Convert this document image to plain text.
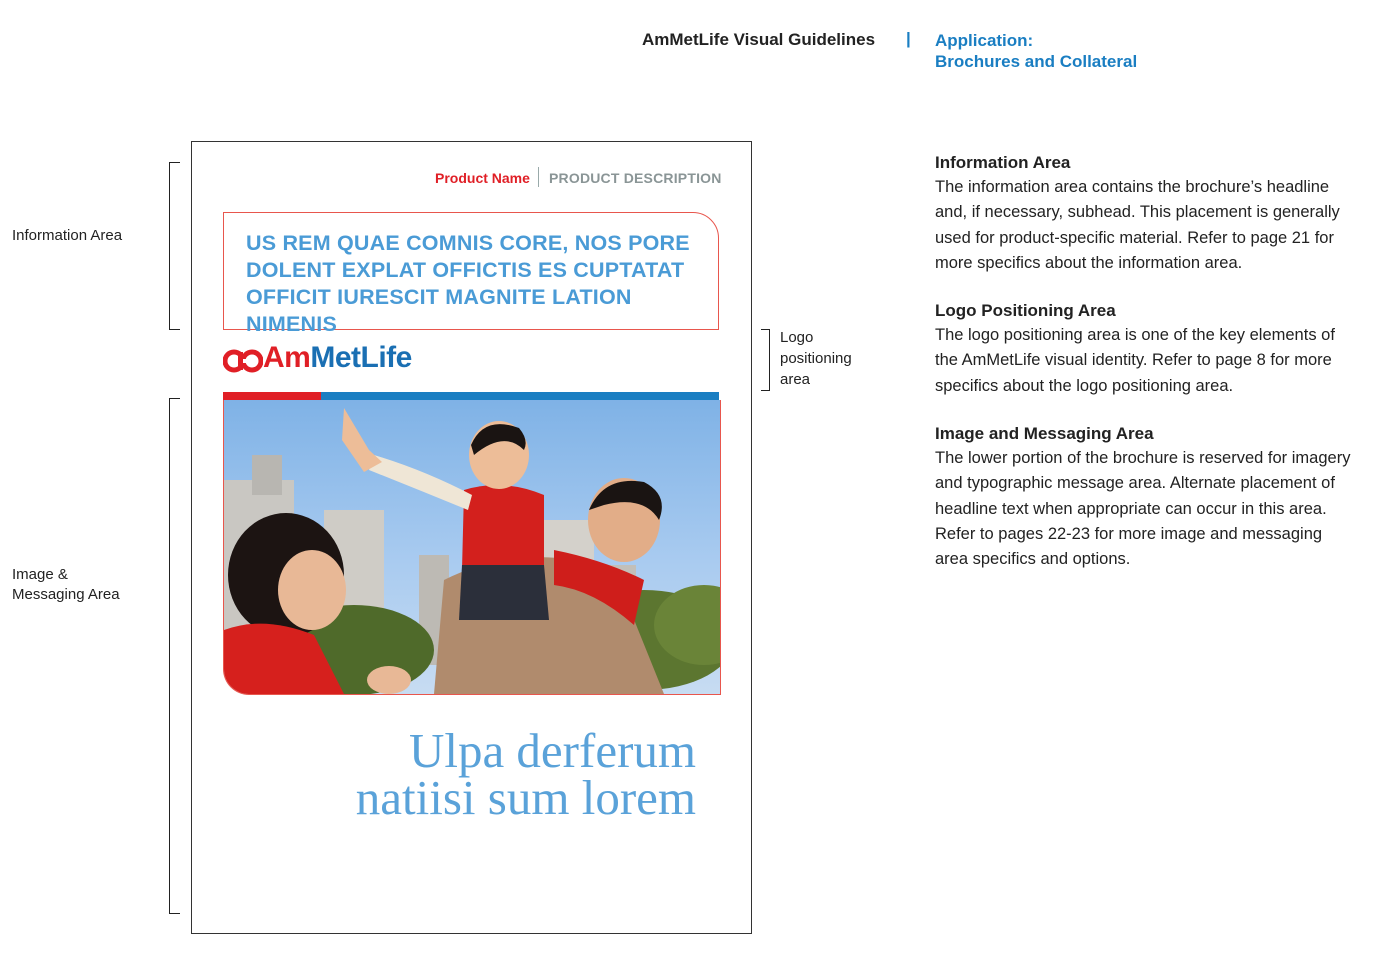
AmMetLife Visual Guidelines | Application:
Brochures and Collateral
Information Area
Image &
Messaging Area
Logo
positioning
area
Product Name PRODUCT DESCRIPTION
US REM QUAE COMNIS CORE, NOS PORE DOLENT EXPLAT OFFICTIS ES CUPTATAT OFFICIT IURESCIT MAGNITE LATION NIMENIS
AmMetLife
Ulpa derferum
natiisi sum lorem
Information Area
The information area contains the brochure’s headline and, if necessary, subhead. This placement is generally used for product-specific material. Refer to page 21 for more specifics about the information area.
Logo Positioning Area
The logo positioning area is one of the key elements of the AmMetLife visual identity. Refer to page 8 for more specifics about the logo positioning area.
Image and Messaging Area
The lower portion of the brochure is reserved for imagery and typographic message area. Alternate placement of headline text when appropriate can occur in this area. Refer to pages 22-23 for more image and messaging area specifics and options.
